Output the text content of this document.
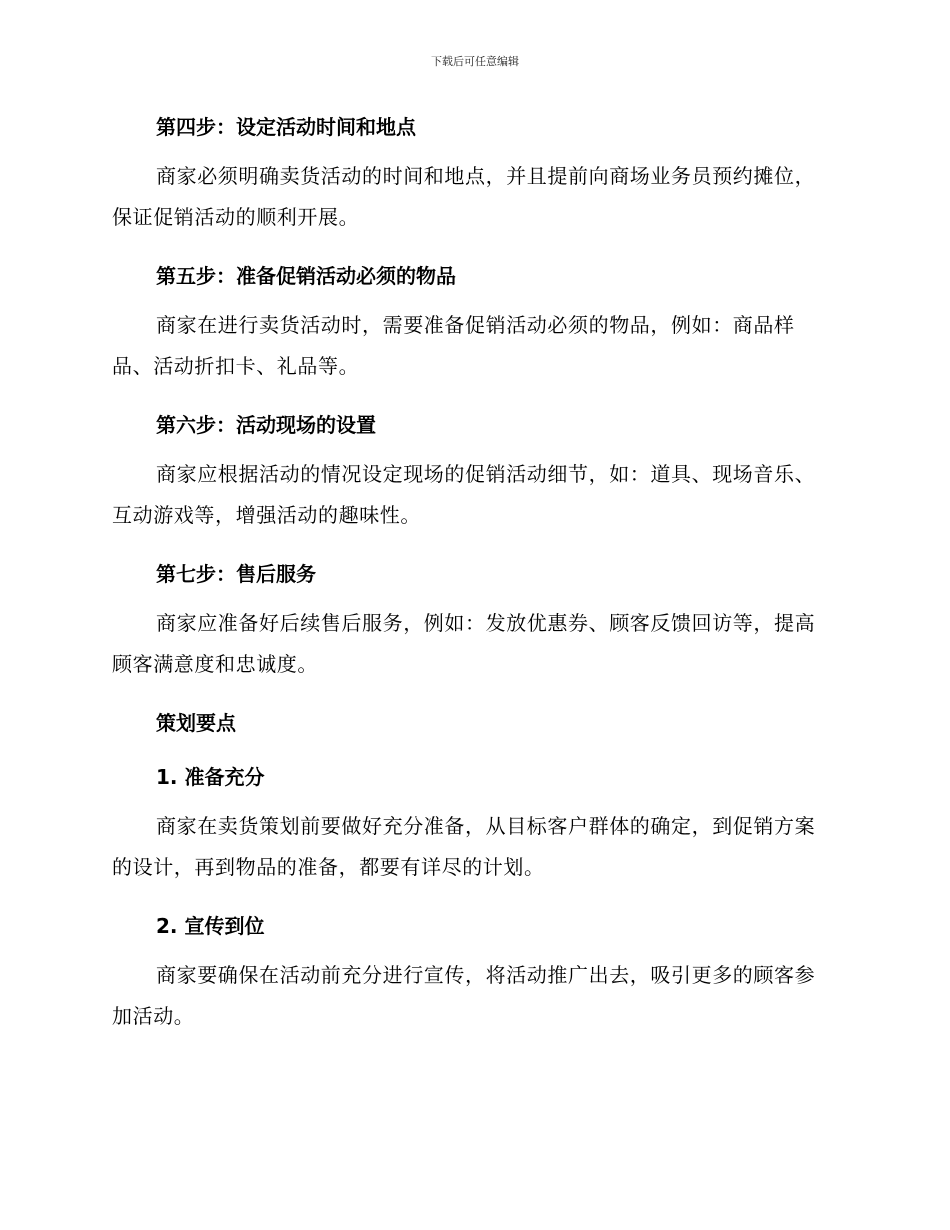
下载后可任意编辑
第四步：设定活动时间和地点

商家必须明确卖货活动的时间和地点，并且提前向商场业务员预约摊位，保证促销活动的顺利开展。

第五步：准备促销活动必须的物品

商家在进行卖货活动时，需要准备促销活动必须的物品，例如：商品样品、活动折扣卡、礼品等。

第六步：活动现场的设置

商家应根据活动的情况设定现场的促销活动细节，如：道具、现场音乐、互动游戏等，增强活动的趣味性。

第七步：售后服务

商家应准备好后续售后服务，例如：发放优惠券、顾客反馈回访等，提高顾客满意度和忠诚度。

策划要点
1. 准备充分

商家在卖货策划前要做好充分准备，从目标客户群体的确定，到促销方案的设计，再到物品的准备，都要有详尽的计划。

2. 宣传到位

商家要确保在活动前充分进行宣传，将活动推广出去，吸引更多的顾客参加活动。
